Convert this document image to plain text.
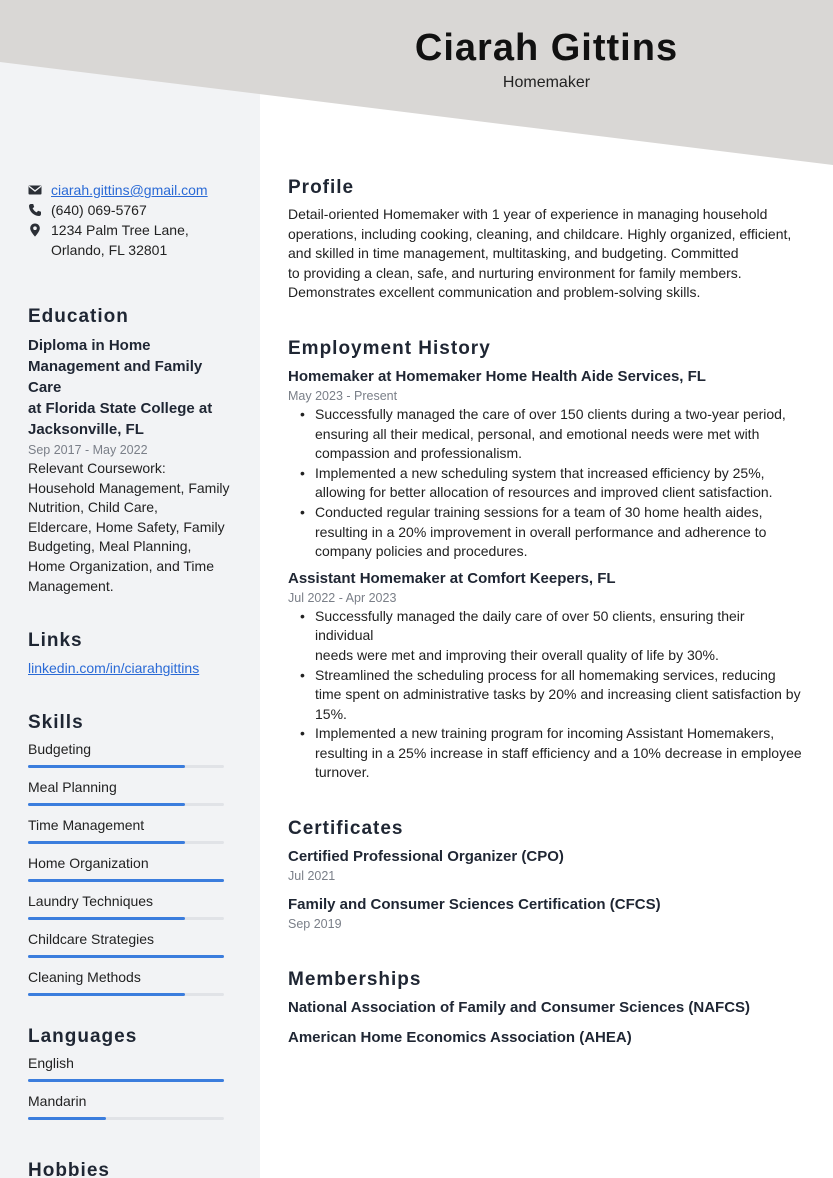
Ciarah Gittins
Homemaker
ciarah.gittins@gmail.com
(640) 069-5767
1234 Palm Tree Lane,
Orlando, FL 32801
Education
Diploma in Home
Management and Family Care
at Florida State College at
Jacksonville, FL
Sep 2017 - May 2022
Relevant Coursework:
Household Management, Family
Nutrition, Child Care,
Eldercare, Home Safety, Family
Budgeting, Meal Planning,
Home Organization, and Time
Management.
Links
linkedin.com/in/ciarahgittins
Skills
Budgeting
Meal Planning
Time Management
Home Organization
Laundry Techniques
Childcare Strategies
Cleaning Methods
Languages
English
Mandarin
Hobbies
Profile
Detail-oriented Homemaker with 1 year of experience in managing household
operations, including cooking, cleaning, and childcare. Highly organized, efficient,
and skilled in time management, multitasking, and budgeting. Committed
to providing a clean, safe, and nurturing environment for family members.
Demonstrates excellent communication and problem-solving skills.
Employment History
Homemaker at Homemaker Home Health Aide Services, FL
May 2023 - Present
• Successfully managed the care of over 150 clients during a two-year period,
ensuring all their medical, personal, and emotional needs were met with
compassion and professionalism.
• Implemented a new scheduling system that increased efficiency by 25%,
allowing for better allocation of resources and improved client satisfaction.
• Conducted regular training sessions for a team of 30 home health aides,
resulting in a 20% improvement in overall performance and adherence to
company policies and procedures.
Assistant Homemaker at Comfort Keepers, FL
Jul 2022 - Apr 2023
• Successfully managed the daily care of over 50 clients, ensuring their individual
needs were met and improving their overall quality of life by 30%.
• Streamlined the scheduling process for all homemaking services, reducing
time spent on administrative tasks by 20% and increasing client satisfaction by
15%.
• Implemented a new training program for incoming Assistant Homemakers,
resulting in a 25% increase in staff efficiency and a 10% decrease in employee
turnover.
Certificates
Certified Professional Organizer (CPO)
Jul 2021
Family and Consumer Sciences Certification (CFCS)
Sep 2019
Memberships
National Association of Family and Consumer Sciences (NAFCS)
American Home Economics Association (AHEA)
